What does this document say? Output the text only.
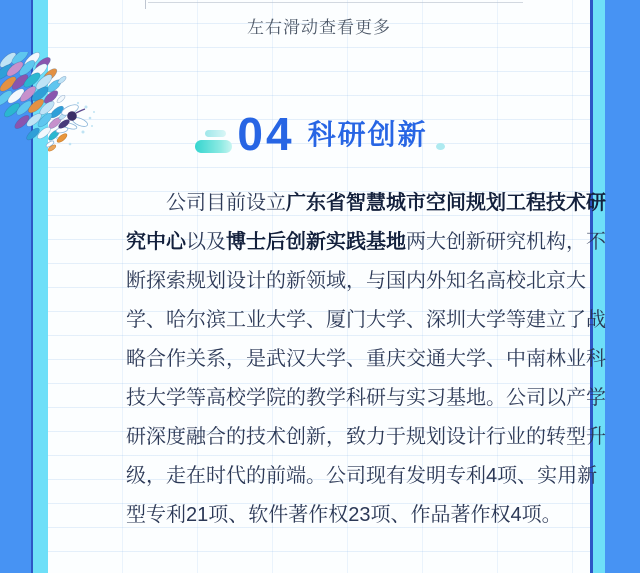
左右滑动查看更多
04 科研创新

公司目前设立广东省智慧城市空间规划工程技术研究中心以及博士后创新实践基地两大创新研究机构，不断探索规划设计的新领域，与国内外知名高校北京大学、哈尔滨工业大学、厦门大学、深圳大学等建立了战略合作关系，是武汉大学、重庆交通大学、中南林业科技大学等高校学院的教学科研与实习基地。公司以产学研深度融合的技术创新，致力于规划设计行业的转型升级，走在时代的前端。公司现有发明专利4项、实用新型专利21项、软件著作权23项、作品著作权4项。
